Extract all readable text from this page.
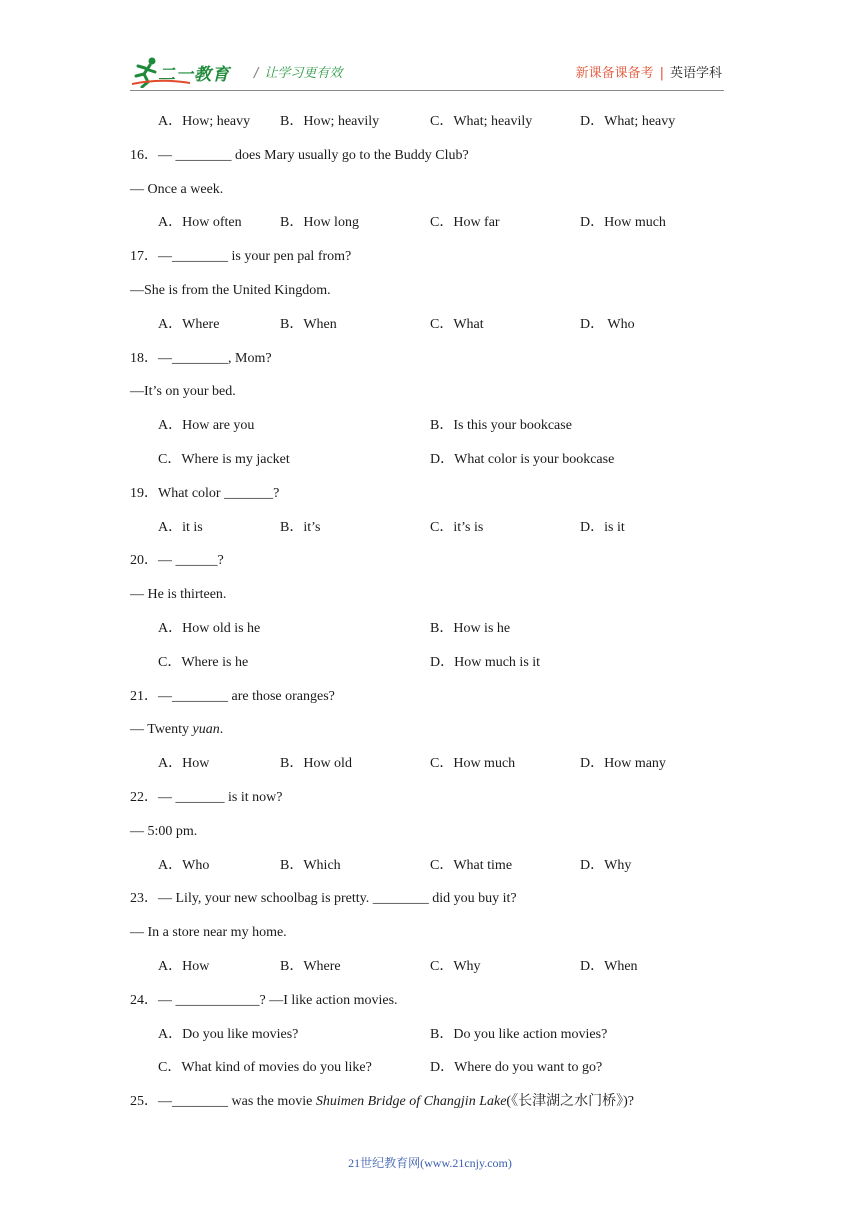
二一教育 / 让学习更有效	新课备课备考 | 英语学科
A．How; heavy B．How; heavily	C．What; heavily	D．What; heavy
16．— ________ does Mary usually go to the Buddy Club?
— Once a week.
A．How often	B．How long	C．How far	D．How much
17．—________ is your pen pal from?
—She is from the United Kingdom.
A．Where	B．When	C．What	D． Who
18．—________, Mom?
—It’s on your bed.
A．How are you	B．Is this your bookcase
C．Where is my jacket	D．What color is your bookcase
19．What color _______?
A．it is	B．it’s	C．it’s is	D．is it
20．— ______?
— He is thirteen.
A．How old is he	B．How is he
C．Where is he	D．How much is it
21．—________ are those oranges?
— Twenty yuan.
A．How	B．How old	C．How much	D．How many
22．— _______ is it now?
— 5:00 pm.
A．Who	B．Which	C．What time	D．Why
23．— Lily, your new schoolbag is pretty. ________ did you buy it?
— In a store near my home.
A．How	B．Where	C．Why	D．When
24．— ____________? —I like action movies.
A．Do you like movies?	B．Do you like action movies?
C．What kind of movies do you like?	D．Where do you want to go?
25．—________ was the movie Shuimen Bridge of Changjin Lake(《长津湖之水门桥》)?
21世纪教育网(www.21cnjy.com)
